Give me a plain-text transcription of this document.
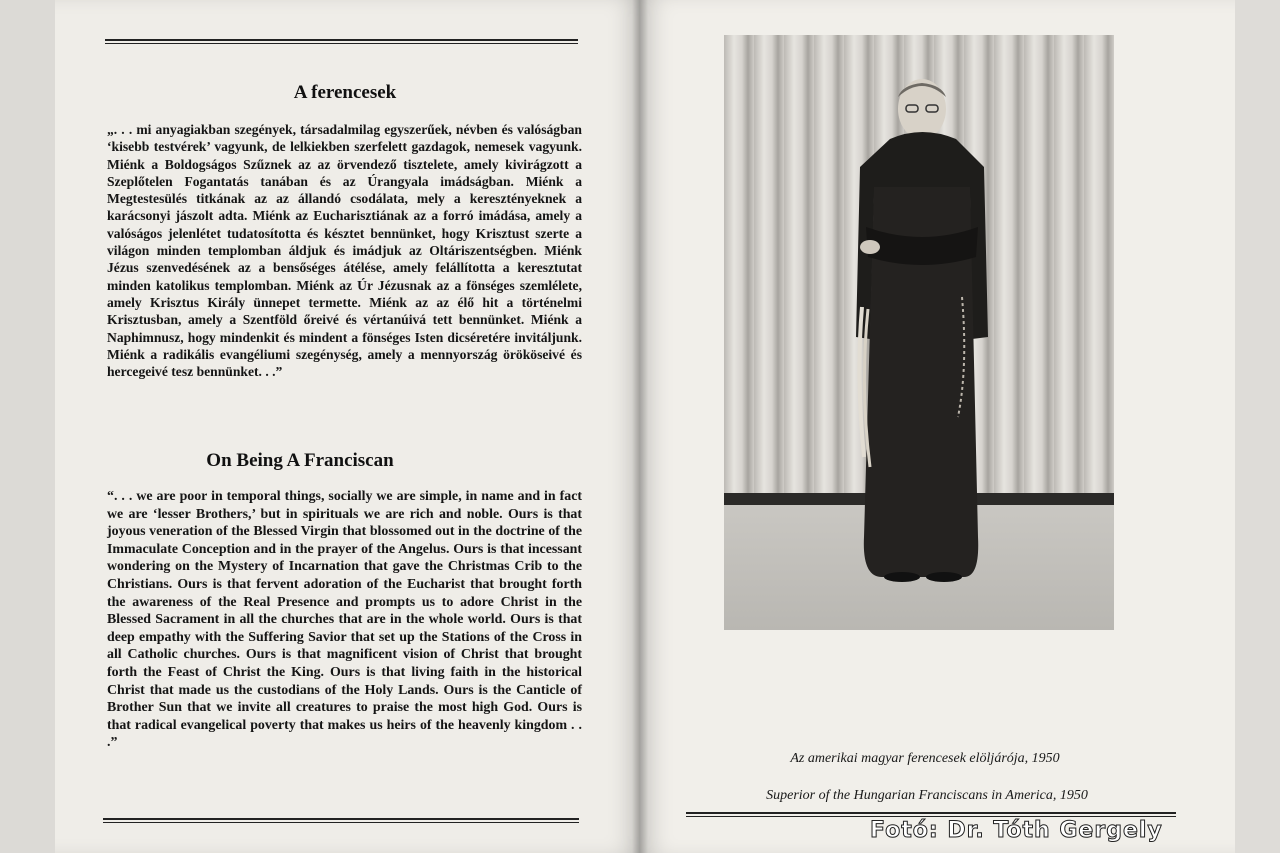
A ferencesek

„. . . mi anyagiakban szegények, társadalmilag egyszerűek, névben és valóságban ‘kisebb testvérek’ vagyunk, de lelkiekben szerfelett gazdagok, nemesek vagyunk. Miénk a Boldogságos Szűznek az az örvendező tisztelete, amely kivirágzott a Szeplőtelen Fogantatás tanában és az Úrangyala imádságban. Miénk a Megtestesülés titkának az az állandó csodálata, mely a keresztényeknek a karácsonyi jászolt adta. Miénk az Eucharisztiának az a forró imádása, amely a valóságos jelenlétet tudatosította és késztet bennünket, hogy Krisztust szerte a világon minden templomban áldjuk és imádjuk az Oltáriszentségben. Miénk Jézus szenvedésének az a bensőséges átélése, amely felállította a keresztutat minden katolikus templomban. Miénk az Úr Jézusnak az a fönséges szemlélete, amely Krisztus Király ünnepet termette. Miénk az az élő hit a történelmi Krisztusban, amely a Szentföld őreivé és vértanúivá tett bennünket. Miénk a Naphimnusz, hogy mindenkit és mindent a fönséges Isten dicséretére invitáljunk. Miénk a radikális evangéliumi szegénység, amely a mennyország örököseivé és hercegeivé tesz bennünket. . .”

On Being A Franciscan

“. . . we are poor in temporal things, socially we are simple, in name and in fact we are ‘lesser Brothers,’ but in spirituals we are rich and noble. Ours is that joyous veneration of the Blessed Virgin that blossomed out in the doctrine of the Immaculate Conception and in the prayer of the Angelus. Ours is that incessant wondering on the Mystery of Incarnation that gave the Christmas Crib to the Christians. Ours is that fervent adoration of the Eucharist that brought forth the awareness of the Real Presence and prompts us to adore Christ in the Blessed Sacrament in all the churches that are in the whole world. Ours is that deep empathy with the Suffering Savior that set up the Stations of the Cross in all Catholic churches. Ours is that magnificent vision of Christ that brought forth the Feast of Christ the King. Ours is that living faith in the historical Christ that made us the custodians of the Holy Lands. Ours is the Canticle of Brother Sun that we invite all creatures to praise the most high God. Ours is that radical evangelical poverty that makes us heirs of the heavenly kingdom . . .”

Az amerikai magyar ferencesek elöljárója, 1950

Superior of the Hungarian Franciscans in America, 1950

Fotó: Dr. Tóth Gergely
